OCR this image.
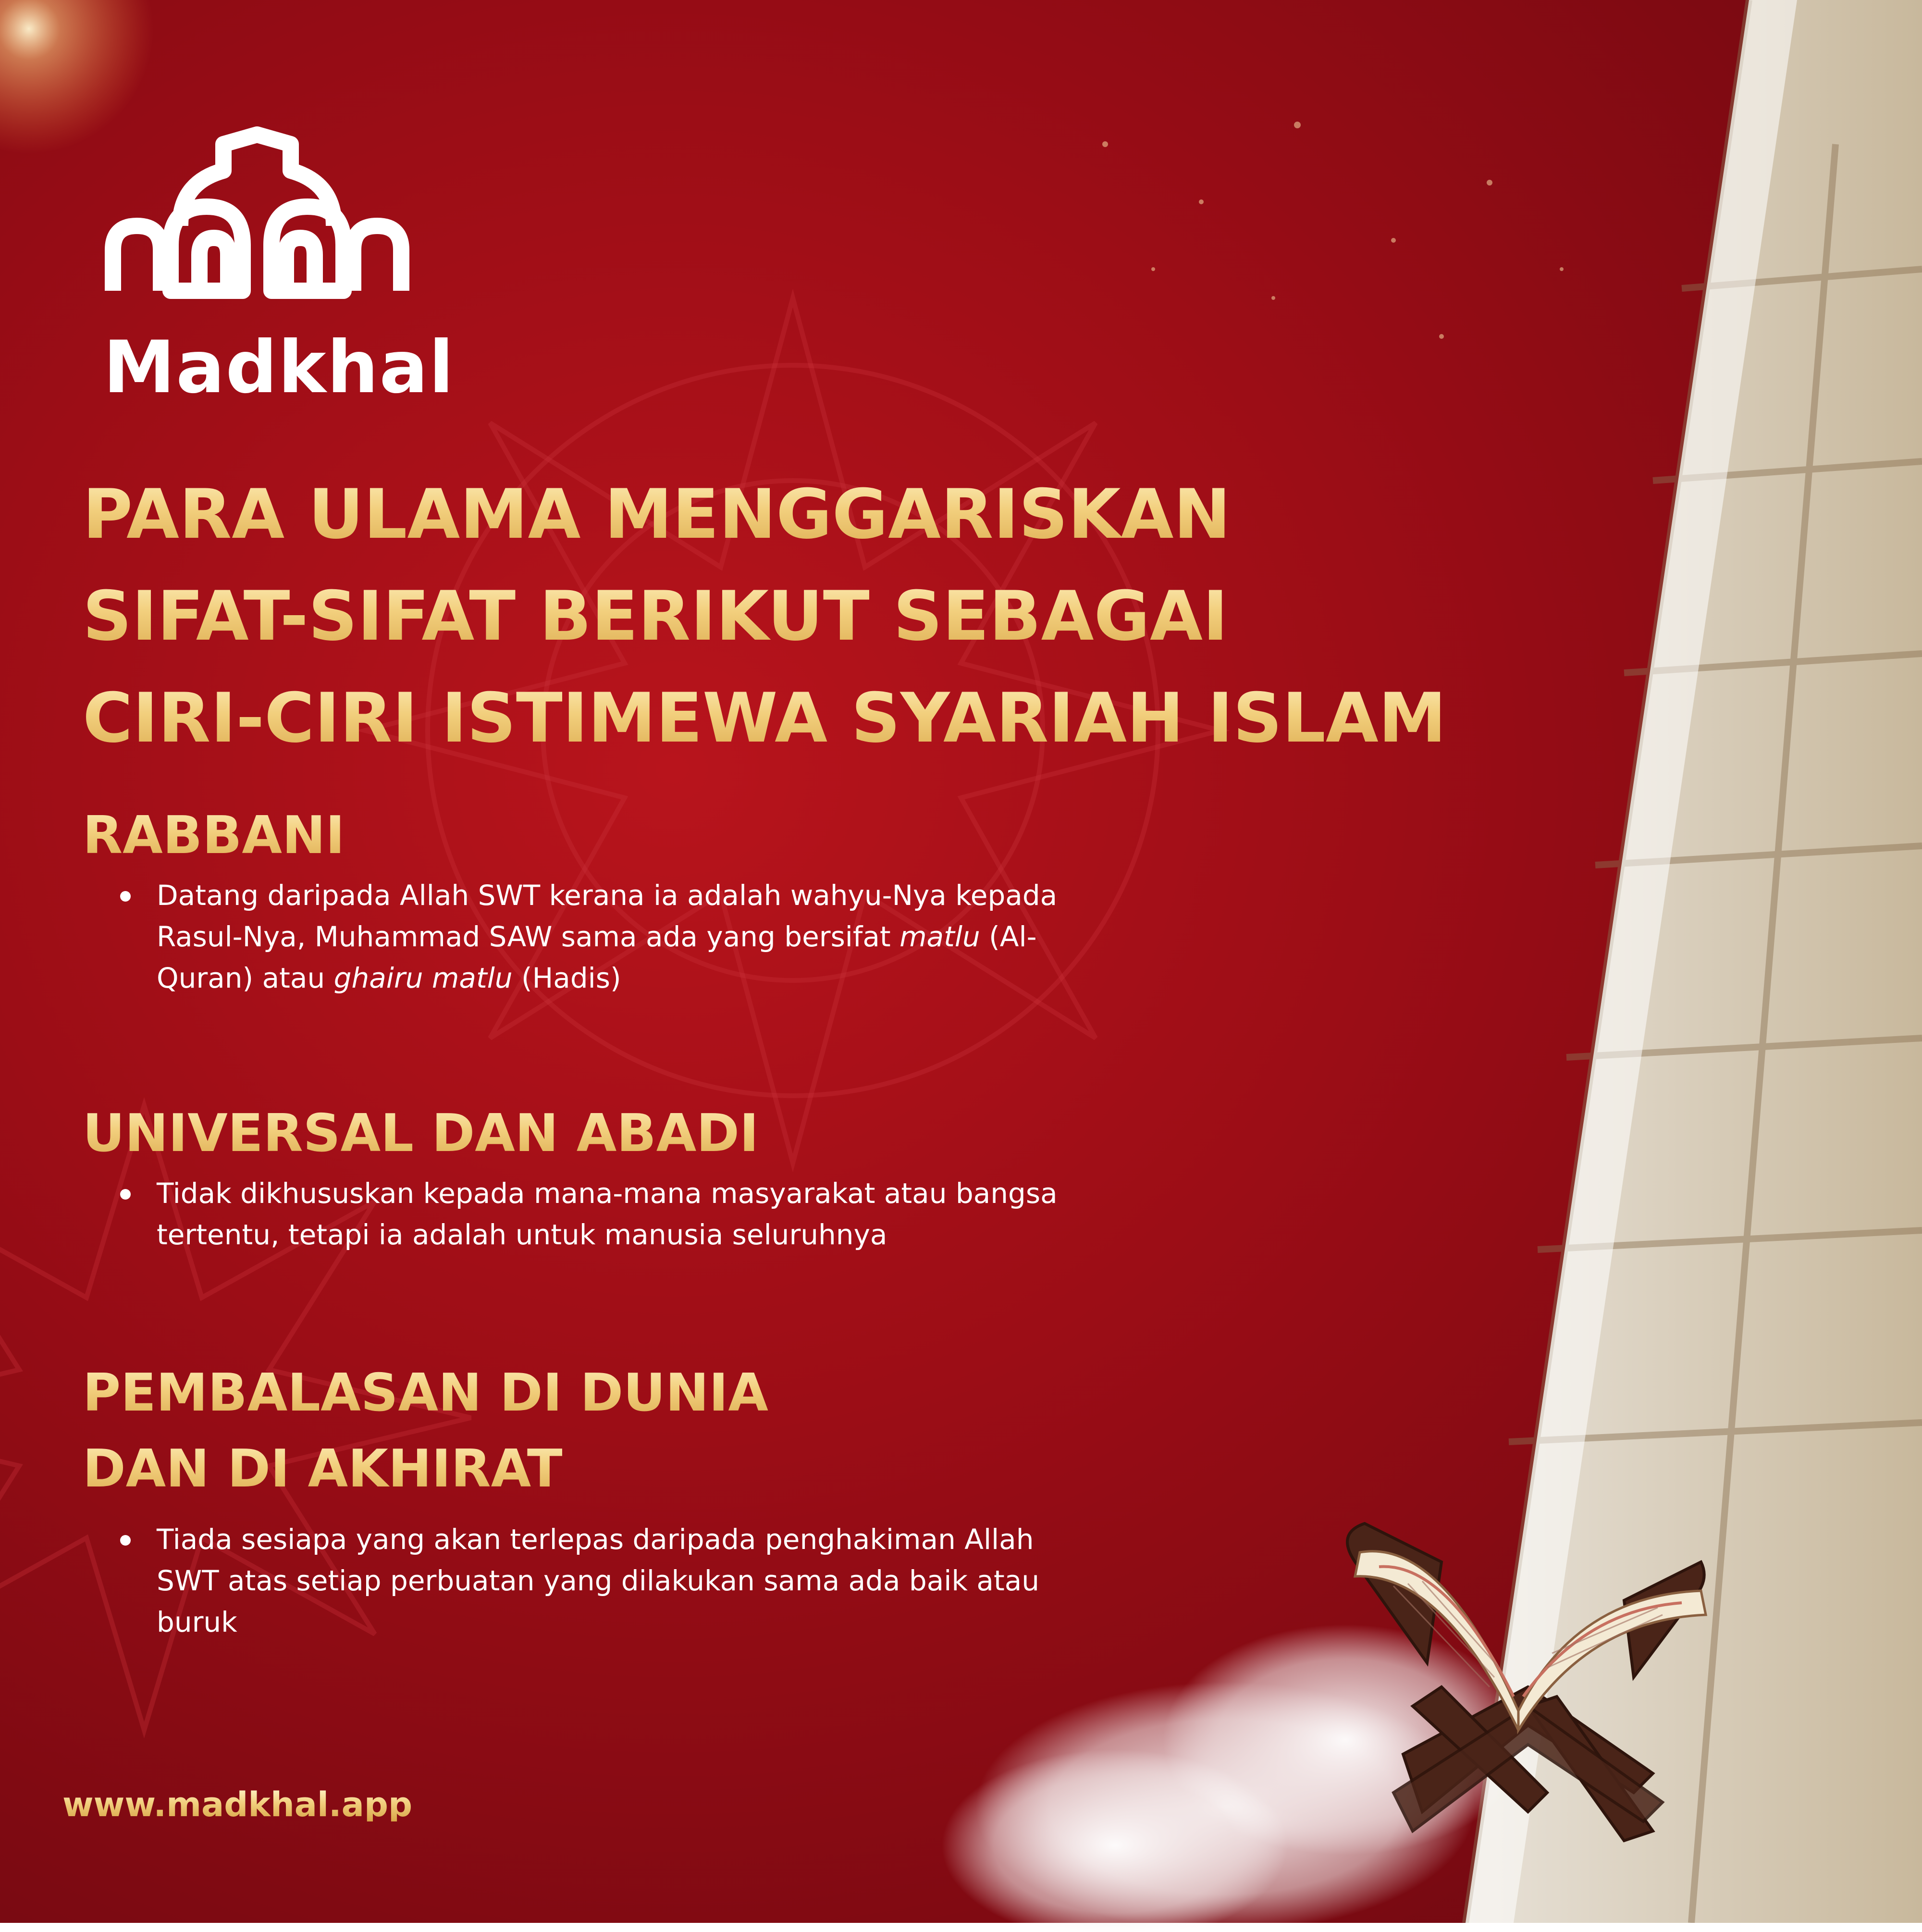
Madkhal
PARA ULAMA MENGGARISKAN
SIFAT-SIFAT BERIKUT SEBAGAI
CIRI-CIRI ISTIMEWA SYARIAH ISLAM
RABBANI
Datang daripada Allah SWT kerana ia adalah wahyu-Nya kepada Rasul-Nya, Muhammad SAW sama ada yang bersifat matlu (Al-Quran) atau ghairu matlu (Hadis)
UNIVERSAL DAN ABADI
Tidak dikhususkan kepada mana-mana masyarakat atau bangsa tertentu, tetapi ia adalah untuk manusia seluruhnya
PEMBALASAN DI DUNIA
DAN DI AKHIRAT
Tiada sesiapa yang akan terlepas daripada penghakiman Allah SWT atas setiap perbuatan yang dilakukan sama ada baik atau buruk
www.madkhal.app
